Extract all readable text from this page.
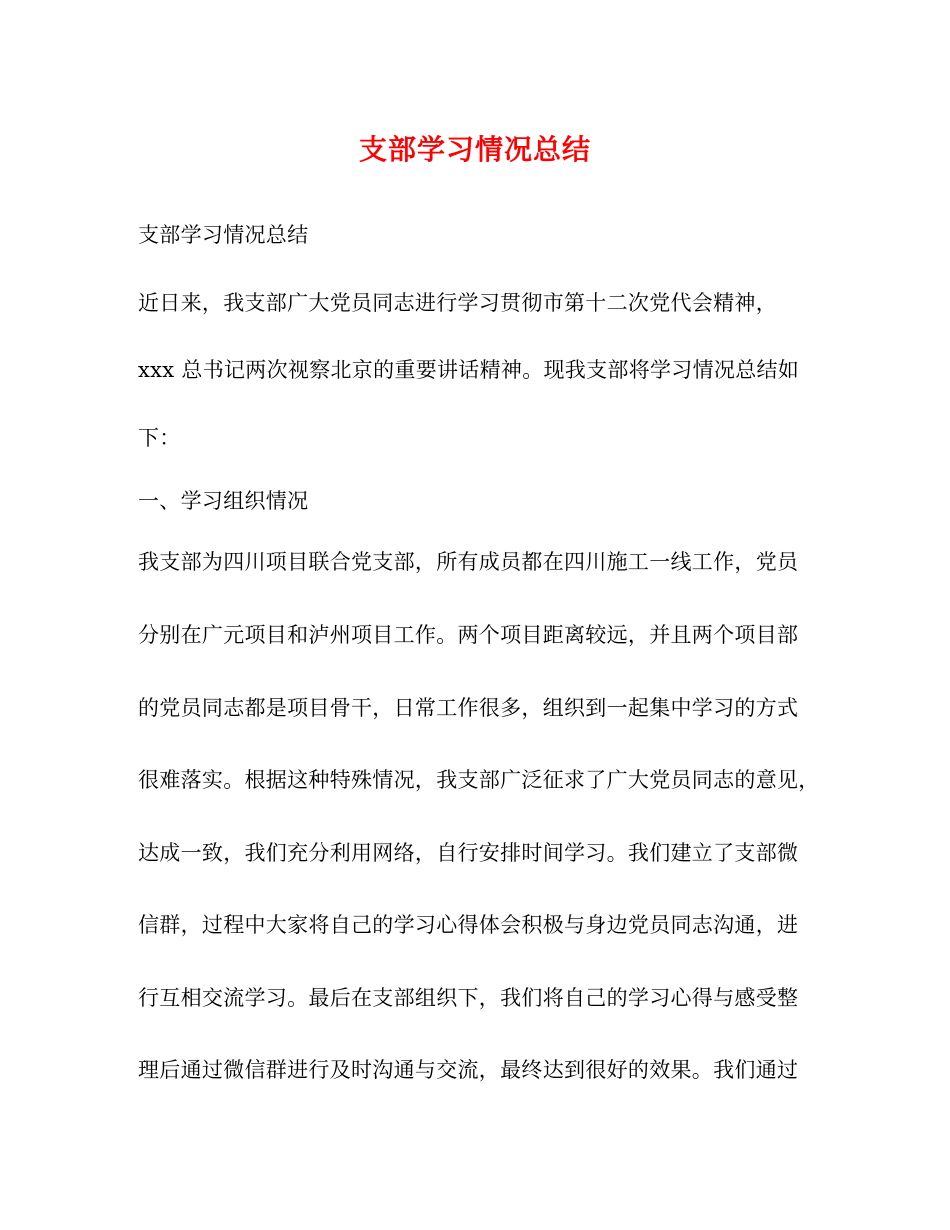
支部学习情况总结
支部学习情况总结
近日来，我支部广大党员同志进行学习贯彻市第十二次党代会精神，
xxx 总书记两次视察北京的重要讲话精神。现我支部将学习情况总结如
下：
一、学习组织情况
我支部为四川项目联合党支部，所有成员都在四川施工一线工作，党员
分别在广元项目和泸州项目工作。两个项目距离较远，并且两个项目部
的党员同志都是项目骨干，日常工作很多，组织到一起集中学习的方式
很难落实。根据这种特殊情况，我支部广泛征求了广大党员同志的意见，
达成一致，我们充分利用网络，自行安排时间学习。我们建立了支部微
信群，过程中大家将自己的学习心得体会积极与身边党员同志沟通，进
行互相交流学习。最后在支部组织下，我们将自己的学习心得与感受整
理后通过微信群进行及时沟通与交流，最终达到很好的效果。我们通过
